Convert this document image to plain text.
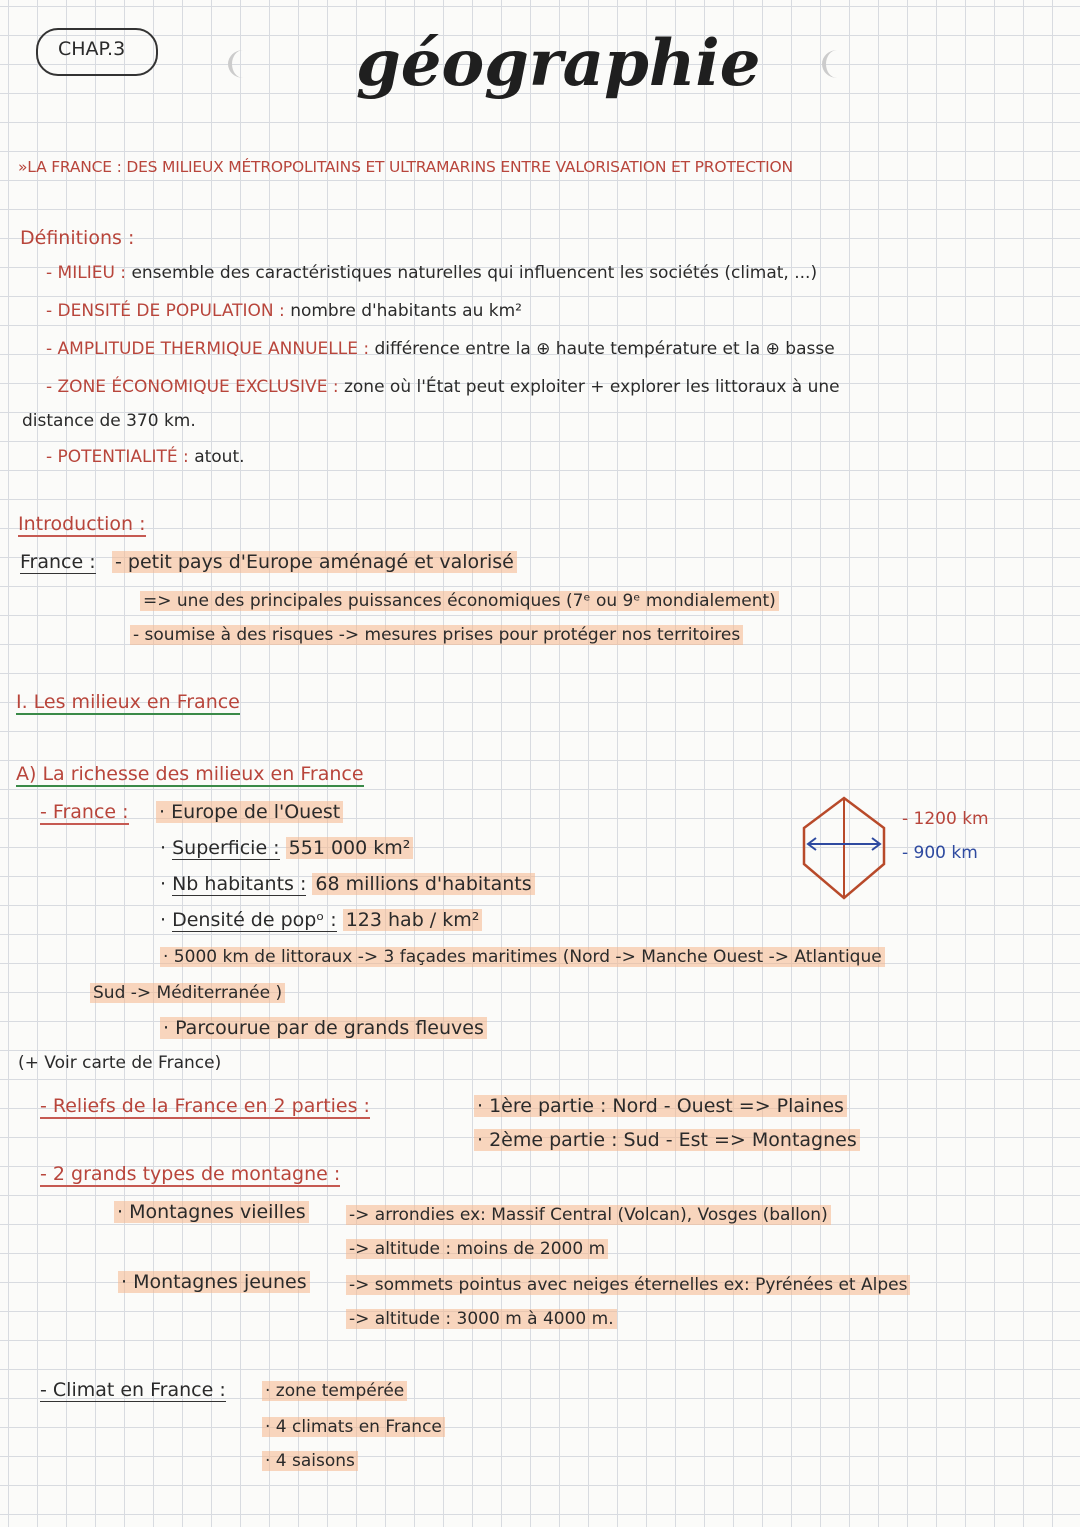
CHAP.3	géographie
»LA FRANCE : DES MILIEUX MÉTROPOLITAINS ET ULTRAMARINS ENTRE VALORISATION ET PROTECTION
Définitions :
- MILIEU : ensemble des caractéristiques naturelles qui influencent les sociétés (climat, ...)
- DENSITÉ DE POPULATION : nombre d'habitants au km²
- AMPLITUDE THERMIQUE ANNUELLE : différence entre la ⊕ haute température et la ⊕ basse
- ZONE ÉCONOMIQUE EXCLUSIVE : zone où l'État peut exploiter + explorer les littoraux à une
distance de 370 km.
- POTENTIALITÉ : atout.
Introduction :
France : - petit pays d'Europe aménagé et valorisé
=> une des principales puissances économiques (7ᵉ ou 9ᵉ mondialement)
- soumise à des risques -> mesures prises pour protéger nos territoires
I. Les milieux en France
A) La richesse des milieux en France
- France : · Europe de l'Ouest
· Superficie : 551 000 km²
· Nb habitants : 68 millions d'habitants
· Densité de popᵒ : 123 hab / km²
· 5000 km de littoraux -> 3 façades maritimes (Nord -> Manche Ouest -> Atlantique
Sud -> Méditerranée )
· Parcourue par de grands fleuves
(+ Voir carte de France)
- 1200 km
- 900 km
- Reliefs de la France en 2 parties :	· 1ère partie : Nord - Ouest => Plaines
· 2ème partie : Sud - Est => Montagnes
- 2 grands types de montagne :
· Montagnes vieilles	-> arrondies ex: Massif Central (Volcan), Vosges (ballon)
-> altitude : moins de 2000 m
· Montagnes jeunes -> sommets pointus avec neiges éternelles ex: Pyrénées et Alpes
-> altitude : 3000 m à 4000 m.
- Climat en France : · zone tempérée
· 4 climats en France
· 4 saisons
